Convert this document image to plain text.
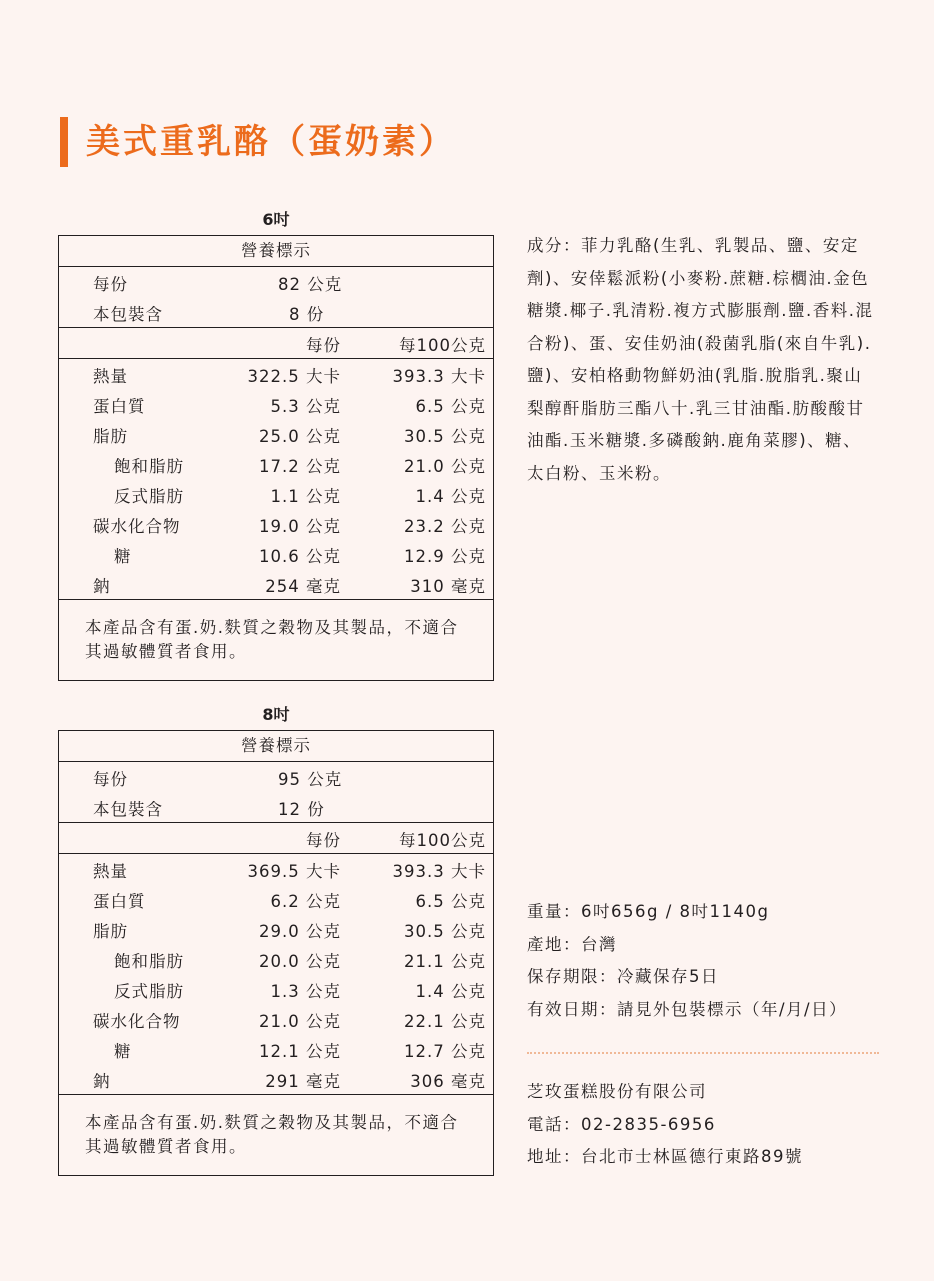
美式重乳酪（蛋奶素）
6吋
營養標示
每份	82 公克
本包裝含	8 份
每份	每100公克
熱量	322.5 大卡	393.3 大卡
蛋白質	5.3 公克	6.5 公克
脂肪	25.0 公克	30.5 公克
飽和脂肪	17.2 公克	21.0 公克
反式脂肪	1.1 公克	1.4 公克
碳水化合物	19.0 公克	23.2 公克
糖	10.6 公克	12.9 公克
鈉	254 毫克	310 毫克
本產品含有蛋.奶.麩質之穀物及其製品，不適合其過敏體質者食用。
8吋
營養標示
每份	95 公克
本包裝含	12 份
每份	每100公克
熱量	369.5 大卡	393.3 大卡
蛋白質	6.2 公克	6.5 公克
脂肪	29.0 公克	30.5 公克
飽和脂肪	20.0 公克	21.1 公克
反式脂肪	1.3 公克	1.4 公克
碳水化合物	21.0 公克	22.1 公克
糖	12.1 公克	12.7 公克
鈉	291 毫克	306 毫克
本產品含有蛋.奶.麩質之穀物及其製品，不適合其過敏體質者食用。
成分：菲力乳酪(生乳、乳製品、鹽、安定劑)、安倖鬆派粉(小麥粉.蔗糖.棕櫚油.金色糖漿.椰子.乳清粉.複方式膨脹劑.鹽.香料.混合粉)、蛋、安佳奶油(殺菌乳脂(來自牛乳).鹽)、安柏格動物鮮奶油(乳脂.脫脂乳.聚山梨醇酐脂肪三酯八十.乳三甘油酯.肪酸酸甘油酯.玉米糖漿.多磷酸鈉.鹿角菜膠)、糖、太白粉、玉米粉。
重量：6吋656g / 8吋1140g
產地：台灣
保存期限：冷藏保存5日
有效日期：請見外包裝標示（年/月/日）
芝玫蛋糕股份有限公司
電話：02-2835-6956
地址：台北市士林區德行東路89號
